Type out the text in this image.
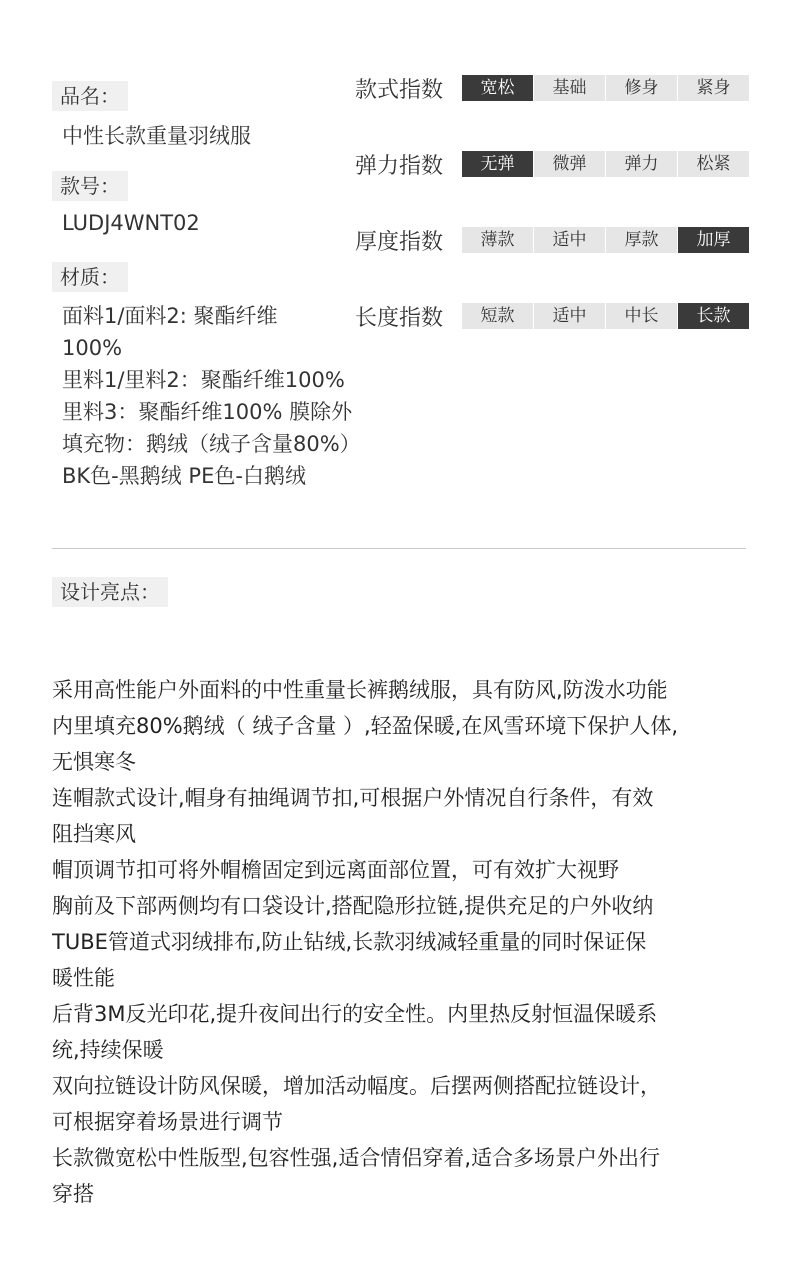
品名：
中性长款重量羽绒服
款号：
LUDJ4WNT02
材质：
面料1/面料2: 聚酯纤维
100%
里料1/里料2：聚酯纤维100%
里料3：聚酯纤维100% 膜除外
填充物：鹅绒（绒子含量80%）
BK色-黑鹅绒 PE色-白鹅绒
款式指数	宽松	基础	修身	紧身
弹力指数	无弹	微弹	弹力	松紧
厚度指数	薄款	适中	厚款	加厚
长度指数	短款	适中	中长	长款
设计亮点：
采用高性能户外面料的中性重量长裤鹅绒服，具有防风,防泼水功能
内里填充80%鹅绒（ 绒子含量 ）,轻盈保暖,在风雪环境下保护人体,
无惧寒冬
连帽款式设计,帽身有抽绳调节扣,可根据户外情况自行条件，有效
阻挡寒风
帽顶调节扣可将外帽檐固定到远离面部位置，可有效扩大视野
胸前及下部两侧均有口袋设计,搭配隐形拉链,提供充足的户外收纳
TUBE管道式羽绒排布,防止钻绒,长款羽绒减轻重量的同时保证保
暖性能
后背3M反光印花,提升夜间出行的安全性。内里热反射恒温保暖系
统,持续保暖
双向拉链设计防风保暖，增加活动幅度。后摆两侧搭配拉链设计，
可根据穿着场景进行调节
长款微宽松中性版型,包容性强,适合情侣穿着,适合多场景户外出行
穿搭
